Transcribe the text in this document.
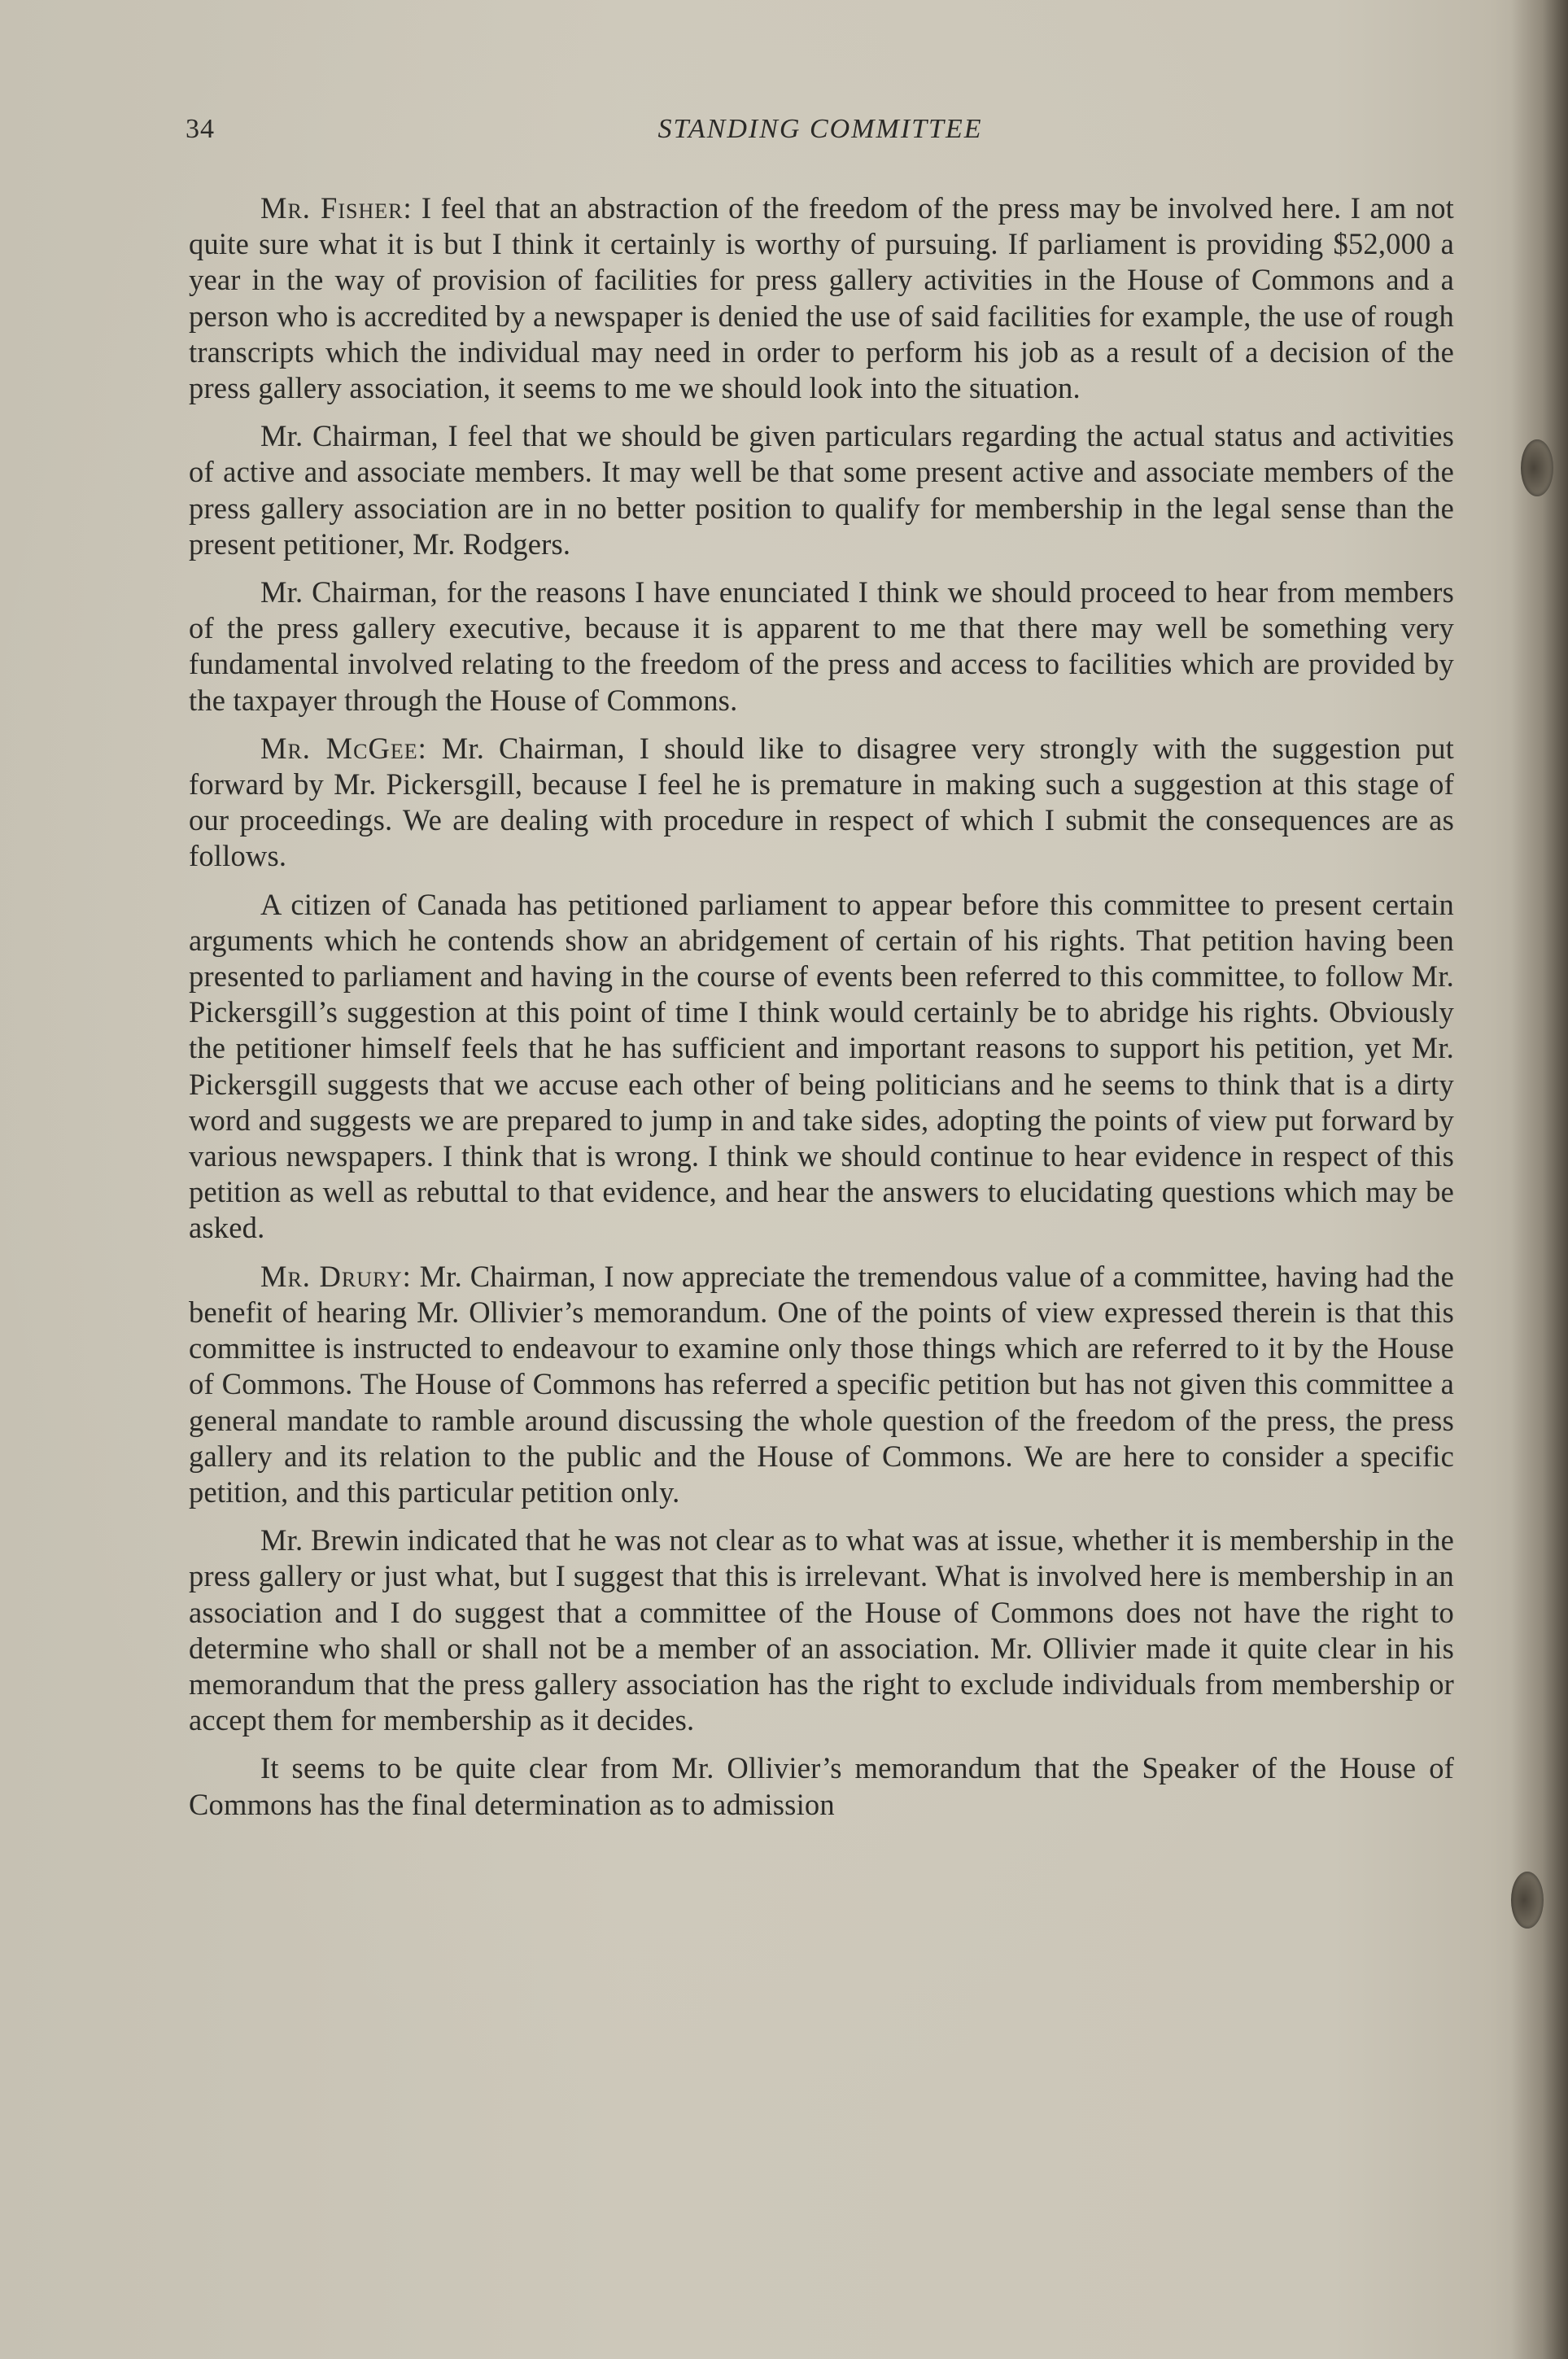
34	STANDING COMMITTEE

Mr. Fisher: I feel that an abstraction of the freedom of the press may be involved here. I am not quite sure what it is but I think it certainly is worthy of pursuing. If parliament is providing $52,000 a year in the way of provision of facilities for press gallery activities in the House of Commons and a person who is accredited by a newspaper is denied the use of said facilities for example, the use of rough transcripts which the individual may need in order to perform his job as a result of a decision of the press gallery association, it seems to me we should look into the situation.

Mr. Chairman, I feel that we should be given particulars regarding the actual status and activities of active and associate members. It may well be that some present active and associate members of the press gallery association are in no better position to qualify for membership in the legal sense than the present petitioner, Mr. Rodgers.

Mr. Chairman, for the reasons I have enunciated I think we should proceed to hear from members of the press gallery executive, because it is apparent to me that there may well be something very fundamental involved relating to the freedom of the press and access to facilities which are provided by the taxpayer through the House of Commons.

Mr. McGee: Mr. Chairman, I should like to disagree very strongly with the suggestion put forward by Mr. Pickersgill, because I feel he is premature in making such a suggestion at this stage of our proceedings. We are dealing with procedure in respect of which I submit the consequences are as follows.

A citizen of Canada has petitioned parliament to appear before this committee to present certain arguments which he contends show an abridgement of certain of his rights. That petition having been presented to parliament and having in the course of events been referred to this committee, to follow Mr. Pickersgill’s suggestion at this point of time I think would certainly be to abridge his rights. Obviously the petitioner himself feels that he has sufficient and important reasons to support his petition, yet Mr. Pickersgill suggests that we accuse each other of being politicians and he seems to think that is a dirty word and suggests we are prepared to jump in and take sides, adopting the points of view put forward by various newspapers. I think that is wrong. I think we should continue to hear evidence in respect of this petition as well as rebuttal to that evidence, and hear the answers to elucidating questions which may be asked.

Mr. Drury: Mr. Chairman, I now appreciate the tremendous value of a committee, having had the benefit of hearing Mr. Ollivier’s memorandum. One of the points of view expressed therein is that this committee is instructed to endeavour to examine only those things which are referred to it by the House of Commons. The House of Commons has referred a specific petition but has not given this committee a general mandate to ramble around discussing the whole question of the freedom of the press, the press gallery and its relation to the public and the House of Commons. We are here to consider a specific petition, and this particular petition only.

Mr. Brewin indicated that he was not clear as to what was at issue, whether it is membership in the press gallery or just what, but I suggest that this is irrelevant. What is involved here is membership in an association and I do suggest that a committee of the House of Commons does not have the right to determine who shall or shall not be a member of an association. Mr. Ollivier made it quite clear in his memorandum that the press gallery association has the right to exclude individuals from membership or accept them for membership as it decides.

It seems to be quite clear from Mr. Ollivier’s memorandum that the Speaker of the House of Commons has the final determination as to admission
